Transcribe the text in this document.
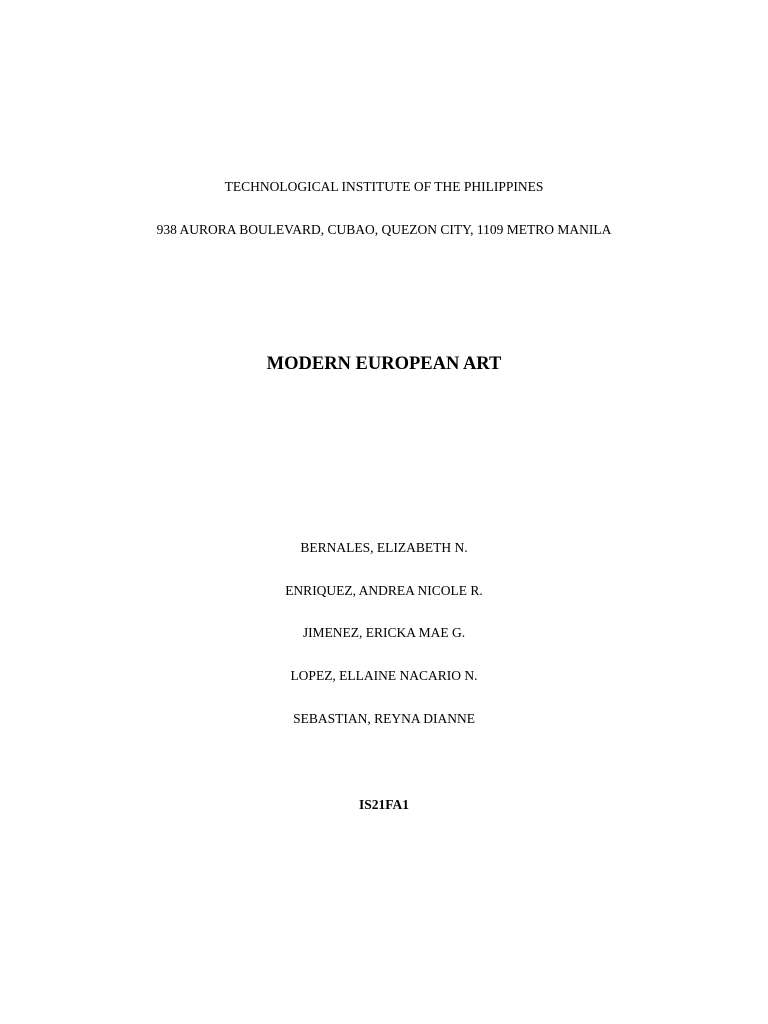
TECHNOLOGICAL INSTITUTE OF THE PHILIPPINES
938 AURORA BOULEVARD, CUBAO, QUEZON CITY, 1109 METRO MANILA
MODERN EUROPEAN ART
BERNALES, ELIZABETH N.
ENRIQUEZ, ANDREA NICOLE R.
JIMENEZ, ERICKA MAE G.
LOPEZ, ELLAINE NACARIO N.
SEBASTIAN, REYNA DIANNE
IS21FA1
